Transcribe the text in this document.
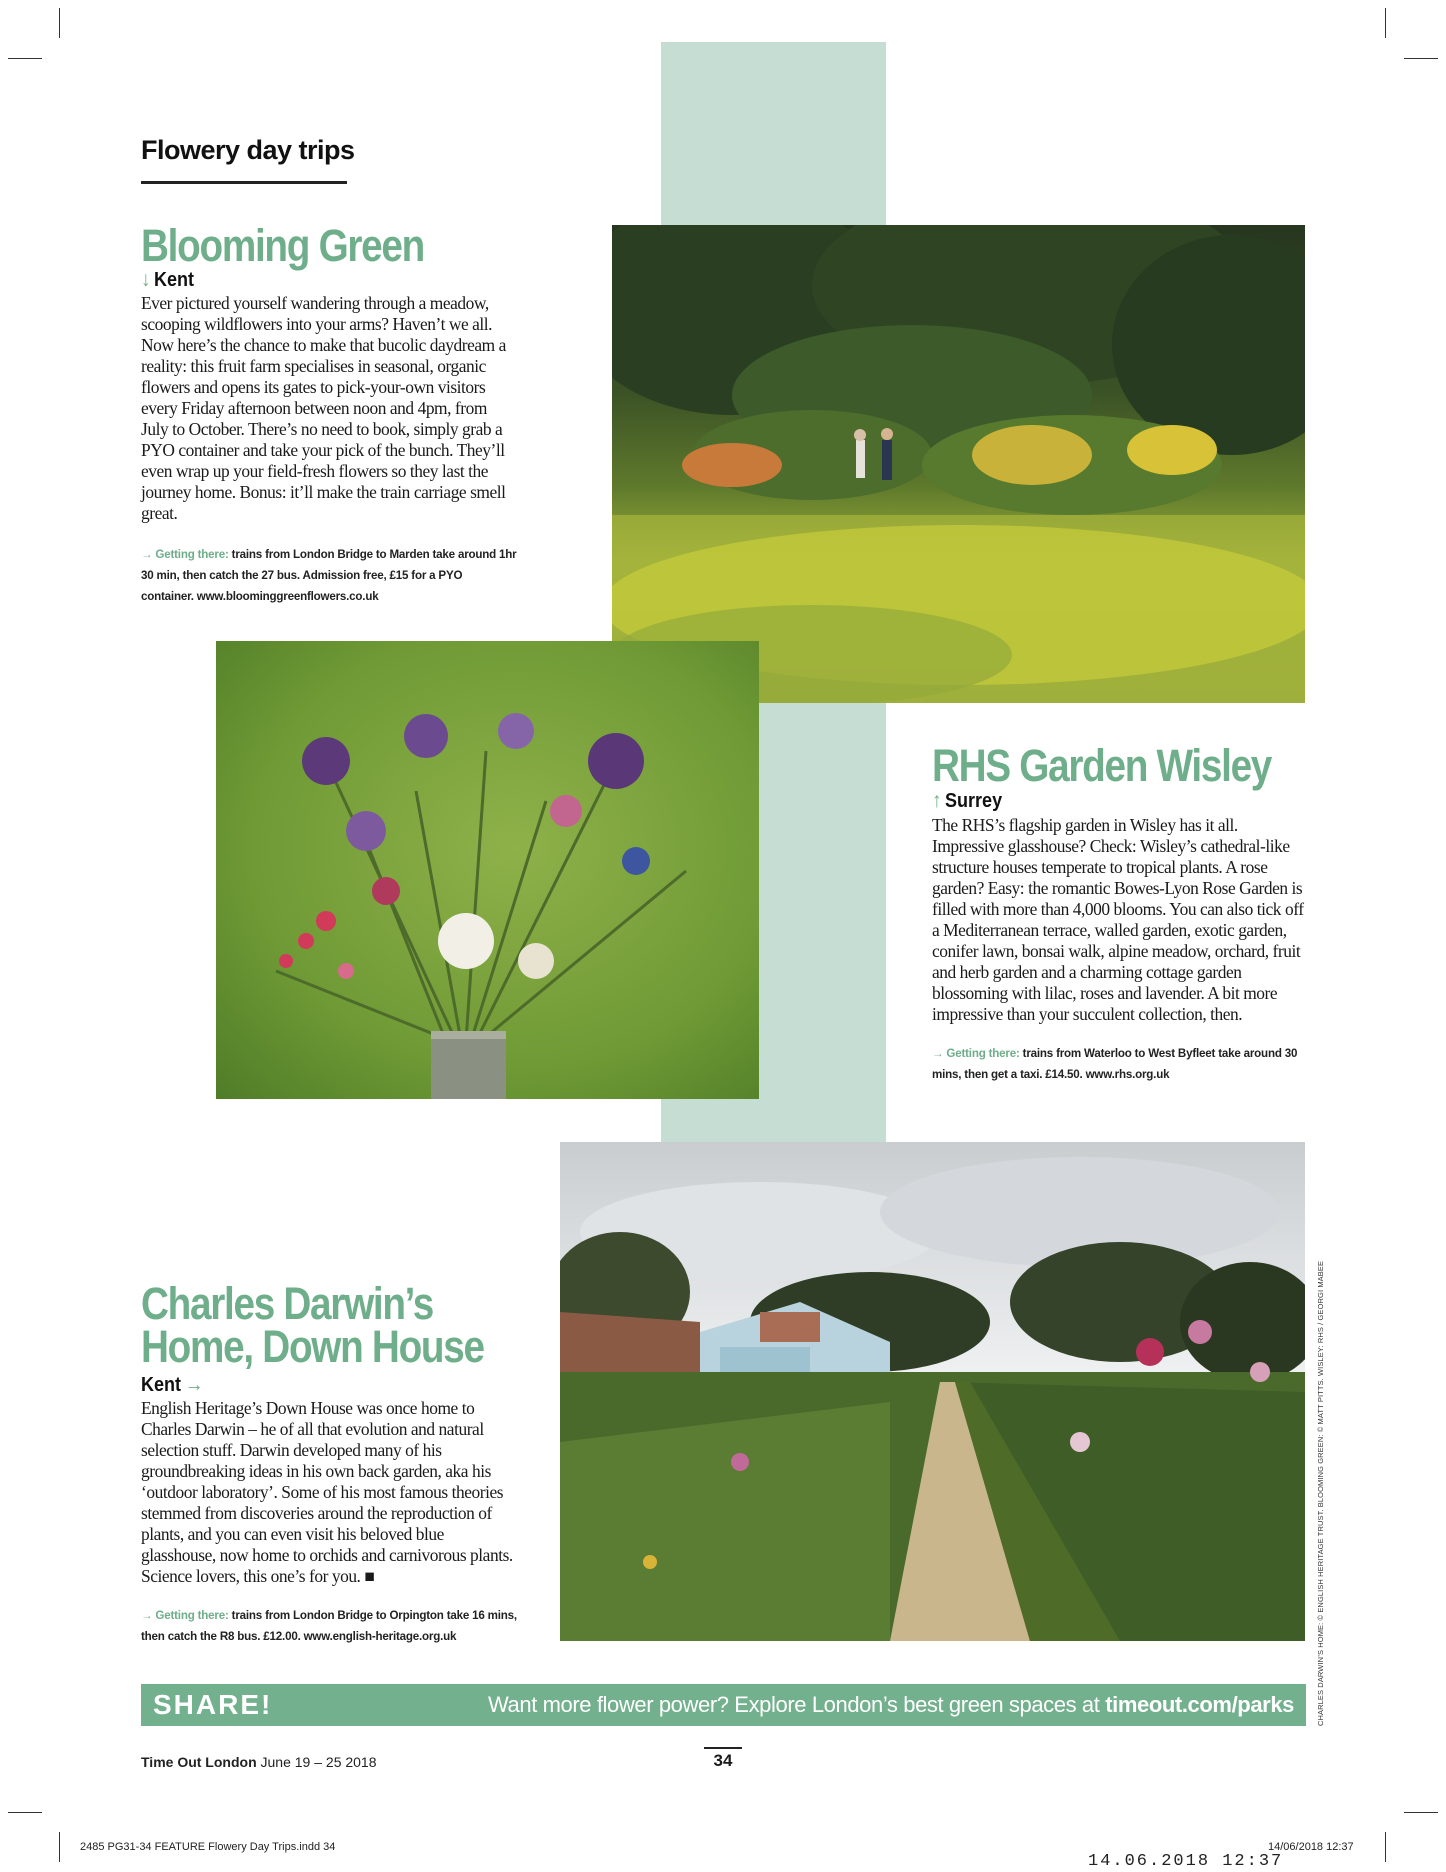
Flowery day trips
Blooming Green
↓ Kent
Ever pictured yourself wandering through a meadow, scooping wildflowers into your arms? Haven’t we all. Now here’s the chance to make that bucolic daydream a reality: this fruit farm specialises in seasonal, organic flowers and opens its gates to pick-your-own visitors every Friday afternoon between noon and 4pm, from July to October. There’s no need to book, simply grab a PYO container and take your pick of the bunch. They’ll even wrap up your field-fresh flowers so they last the journey home. Bonus: it’ll make the train carriage smell great.
→ Getting there: trains from London Bridge to Marden take around 1hr 30 min, then catch the 27 bus. Admission free, £15 for a PYO container. www.bloominggreenflowers.co.uk
RHS Garden Wisley
↑ Surrey
The RHS’s flagship garden in Wisley has it all. Impressive glasshouse? Check: Wisley’s cathedral-like structure houses temperate to tropical plants. A rose garden? Easy: the romantic Bowes-Lyon Rose Garden is filled with more than 4,000 blooms. You can also tick off a Mediterranean terrace, walled garden, exotic garden, conifer lawn, bonsai walk, alpine meadow, orchard, fruit and herb garden and a charming cottage garden blossoming with lilac, roses and lavender. A bit more impressive than your succulent collection, then.
→ Getting there: trains from Waterloo to West Byfleet take around 30 mins, then get a taxi. £14.50. www.rhs.org.uk
Charles Darwin’s
Home, Down House
Kent →
English Heritage’s Down House was once home to Charles Darwin – he of all that evolution and natural selection stuff. Darwin developed many of his groundbreaking ideas in his own back garden, aka his ‘outdoor laboratory’. Some of his most famous theories stemmed from discoveries around the reproduction of plants, and you can even visit his beloved blue glasshouse, now home to orchids and carnivorous plants. Science lovers, this one’s for you. ■
→ Getting there: trains from London Bridge to Orpington take 16 mins, then catch the R8 bus. £12.00. www.english-heritage.org.uk	CHARLES DARWIN’S HOME: © ENGLISH HERITAGE TRUST. BLOOMING GREEN: © MATT PITTS. WISLEY: RHS / GEORGI MABEE
SHARE!	Want more flower power? Explore London’s best green spaces at timeout.com/parks
Time Out London June 19 – 25 2018	34
2485 PG31-34 FEATURE Flowery Day Trips.indd 34	14/06/2018 12:37
14.06.2018 12:37
